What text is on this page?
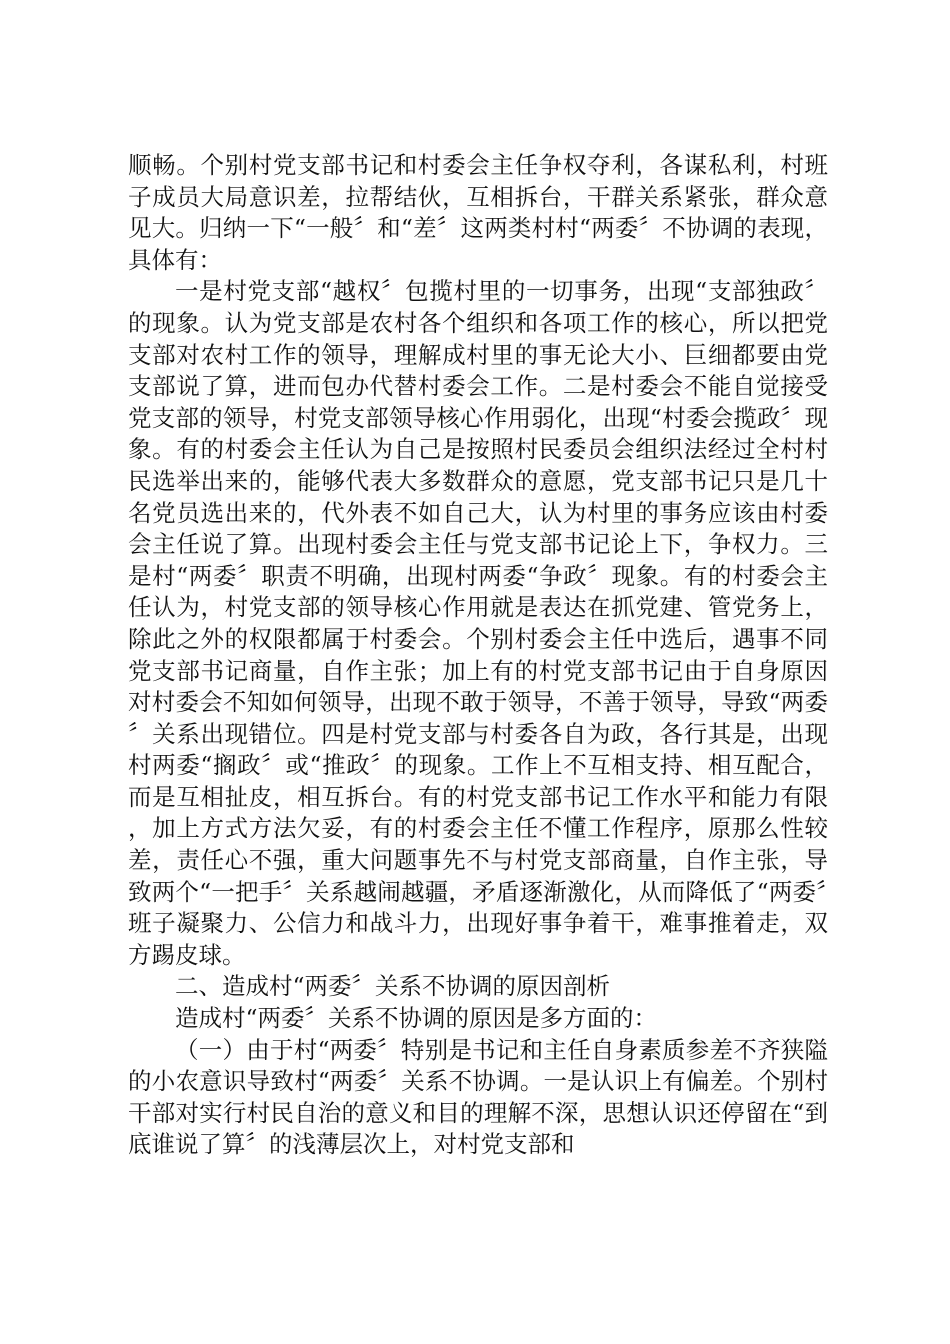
顺畅。个别村党支部书记和村委会主任争权夺利，各谋私利，村班子成员大局意识差，拉帮结伙，互相拆台，干群关系紧张，群众意见大。归纳一下“一般〞和“差〞这两类村村“两委〞不协调的表现，具体有：

一是村党支部“越权〞包揽村里的一切事务，出现“支部独政〞的现象。认为党支部是农村各个组织和各项工作的核心，所以把党支部对农村工作的领导，理解成村里的事无论大小、巨细都要由党支部说了算，进而包办代替村委会工作。二是村委会不能自觉接受党支部的领导，村党支部领导核心作用弱化，出现“村委会揽政〞现象。有的村委会主任认为自己是按照村民委员会组织法经过全村村民选举出来的，能够代表大多数群众的意愿，党支部书记只是几十名党员选出来的，代外表不如自己大，认为村里的事务应该由村委会主任说了算。出现村委会主任与党支部书记论上下，争权力。三是村“两委〞职责不明确，出现村两委“争政〞现象。有的村委会主任认为，村党支部的领导核心作用就是表达在抓党建、管党务上，除此之外的权限都属于村委会。个别村委会主任中选后，遇事不同党支部书记商量，自作主张；加上有的村党支部书记由于自身原因对村委会不知如何领导，出现不敢于领导，不善于领导，导致“两委〞关系出现错位。四是村党支部与村委各自为政，各行其是，出现村两委“搁政〞或“推政〞的现象。工作上不互相支持、相互配合，而是互相扯皮，相互拆台。有的村党支部书记工作水平和能力有限，加上方式方法欠妥，有的村委会主任不懂工作程序，原那么性较差，责任心不强，重大问题事先不与村党支部商量，自作主张，导致两个“一把手〞关系越闹越疆，矛盾逐渐激化，从而降低了“两委〞班子凝聚力、公信力和战斗力，出现好事争着干，难事推着走，双方踢皮球。

二、造成村“两委〞关系不协调的原因剖析

造成村“两委〞关系不协调的原因是多方面的：

（一）由于村“两委〞特别是书记和主任自身素质参差不齐狭隘的小农意识导致村“两委〞关系不协调。一是认识上有偏差。个别村干部对实行村民自治的意义和目的理解不深，思想认识还停留在“到底谁说了算〞的浅薄层次上，对村党支部和
